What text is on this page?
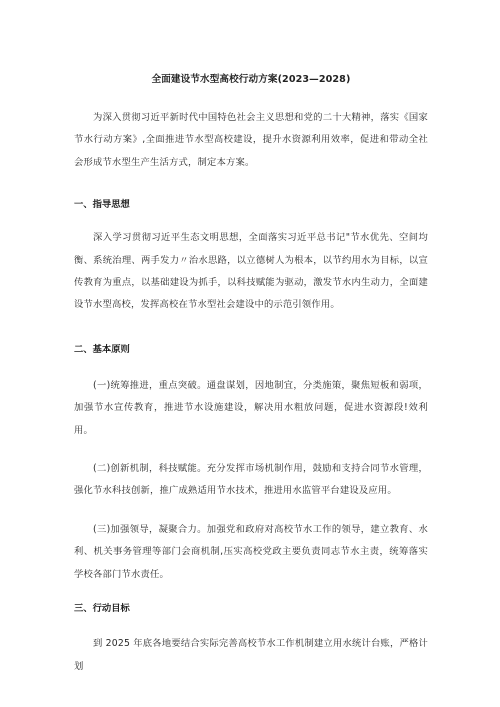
全面建设节水型高校行动方案(2023—2028)

为深入贯彻习近平新时代中国特色社会主义思想和党的二十大精神，落实《国家节水行动方案》,全面推进节水型高校建设，提升水资源利用效率，促进和带动全社会形成节水型生产生活方式，制定本方案。

一、指导思想

深入学习贯彻习近平生态文明思想，全面落实习近平总书记"节水优先、空间均衡、系统治理、两手发力〃治水思路，以立德树人为根本，以节约用水为目标，以宣传教育为重点，以基础建设为抓手，以科技赋能为驱动，激发节水内生动力，全面建设节水型高校，发挥高校在节水型社会建设中的示范引领作用。

二、基本原则

(一)统筹推进，重点突破。通盘谋划，因地制宜，分类施策，聚焦短板和弱项，加强节水宣传教育，推进节水设施建设，解决用水粗放问题，促进水资源段!效利用。

(二)创新机制，科技赋能。充分发挥市场机制作用，鼓励和支持合同节水管理，强化节水科技创新，推广成熟适用节水技术，推进用水监管平台建设及应用。

(三)加强领导，凝聚合力。加强党和政府对高校节水工作的领导，建立教育、水利、机关事务管理等部门会商机制,压实高校党政主要负责同志节水主责，统筹落实学校各部门节水责任。

三、行动目标

到 2025 年底各地要结合实际完善高校节水工作机制建立用水统计台账，严格计划
